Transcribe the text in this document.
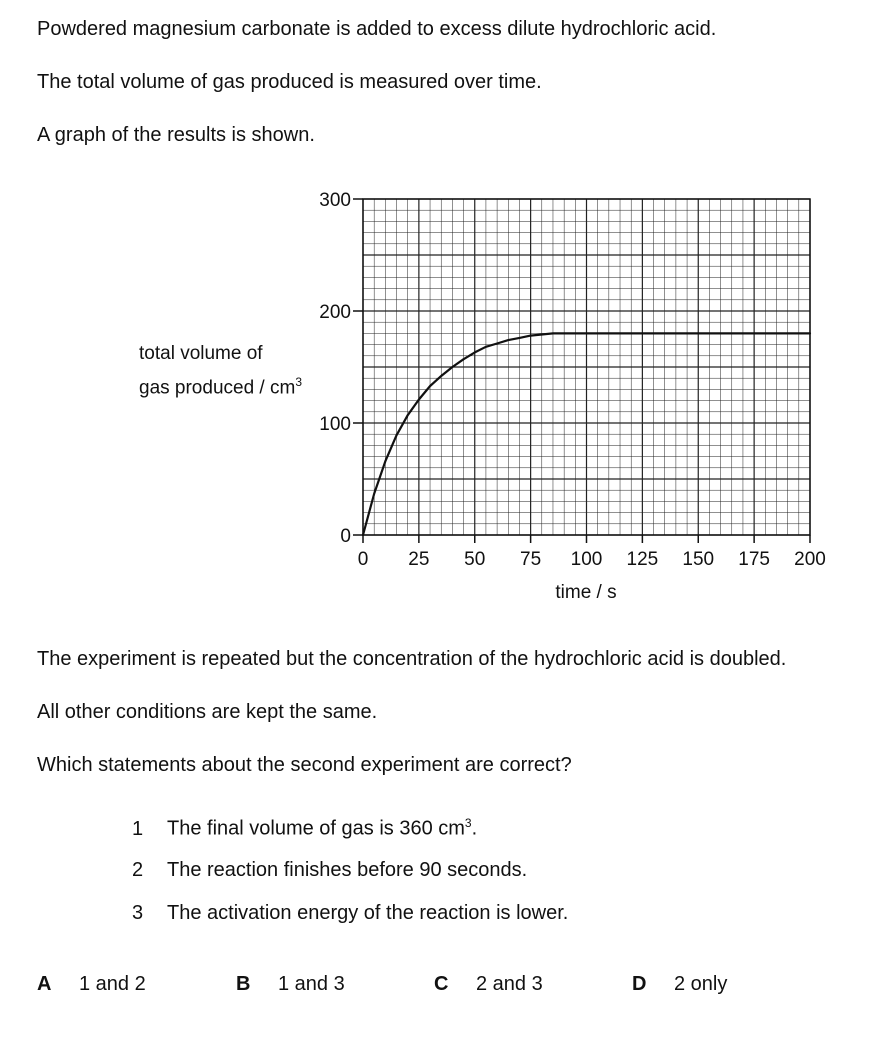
Powdered magnesium carbonate is added to excess dilute hydrochloric acid.

The total volume of gas produced is measured over time.

A graph of the results is shown.

total volume of
gas produced / $cm^3$
0 25 50 75 100 125 150 175 200
0
100
200
300
time / s

The experiment is repeated but the concentration of the hydrochloric acid is doubled.

All other conditions are kept the same.

Which statements about the second experiment are correct?

1 The final volume of gas is 360 $cm^3$.
2 The reaction finishes before 90 seconds.
3 The activation energy of the reaction is lower.
A 1 and 2	B 1 and 3	C 2 and 3	D 2 only
